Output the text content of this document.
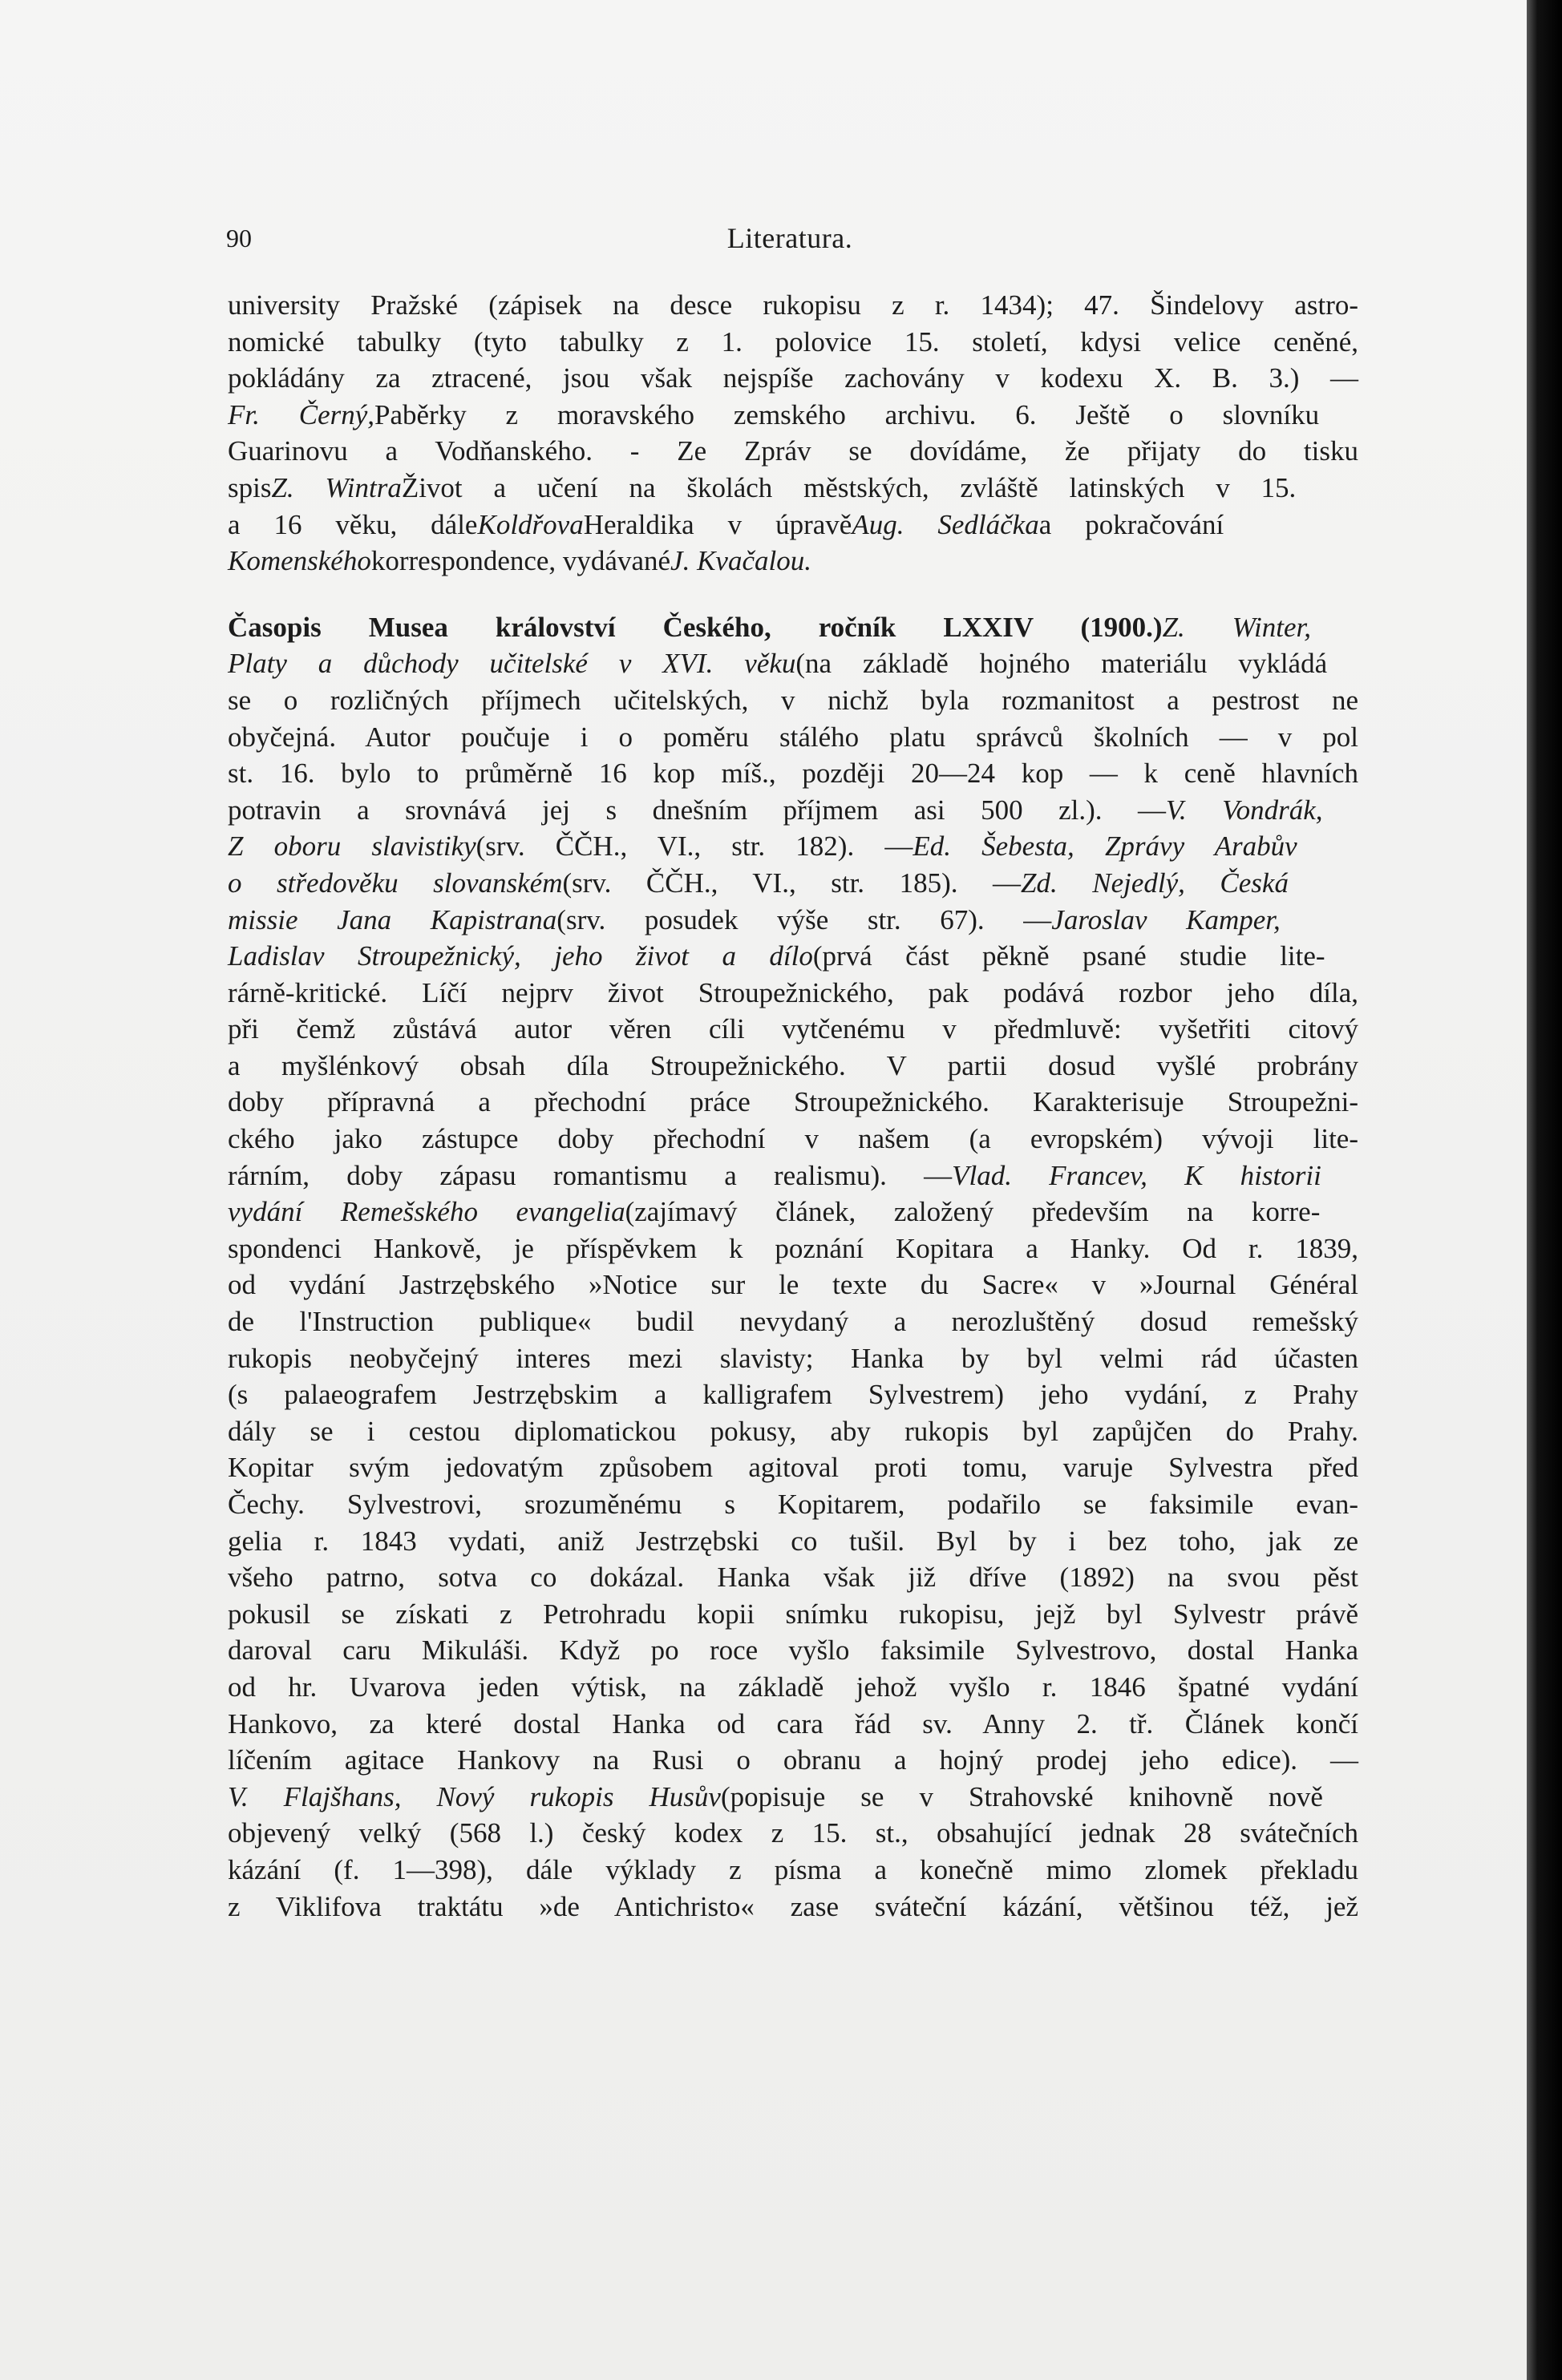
90	Literatura.
university Pražské (zápisek na desce rukopisu z r. 1434); 47. Šindelovy astro-
nomické tabulky (tyto tabulky z 1. polovice 15. století, kdysi velice ceněné,
pokládány za ztracené, jsou však nejspíše zachovány v kodexu X. B. 3.) —
Fr. Černý, Paběrky z moravského zemského archivu. 6. Ještě o slovníku
Guarinovu a Vodňanského. - Ze Zpráv se dovídáme, že přijaty do tisku
spis Z. Wintra Život a učení na školách městských, zvláště latinských v 15.
a 16 věku, dále Koldřova Heraldika v úpravě Aug. Sedláčka a pokračování
Komenského korrespondence, vydávané J. Kvačalou.
Časopis Musea království Českého, ročník LXXIV (1900.) Z. Winter,
Platy a důchody učitelské v XVI. věku (na základě hojného materiálu vykládá
se o rozličných příjmech učitelských, v nichž byla rozmanitost a pestrost ne
obyčejná. Autor poučuje i o poměru stálého platu správců školních — v pol
st. 16. bylo to průměrně 16 kop míš., později 20—24 kop — k ceně hlavních
potravin a srovnává jej s dnešním příjmem asi 500 zl.). — V. Vondrák,
Z oboru slavistiky (srv. ČČH., VI., str. 182). — Ed. Šebesta, Zprávy Arabův
o středověku slovanském (srv. ČČH., VI., str. 185). — Zd. Nejedlý, Česká
missie Jana Kapistrana (srv. posudek výše str. 67). — Jaroslav Kamper,
Ladislav Stroupežnický, jeho život a dílo (prvá část pěkně psané studie lite-
rárně-kritické. Líčí nejprv život Stroupežnického, pak podává rozbor jeho díla,
při čemž zůstává autor věren cíli vytčenému v předmluvě: vyšetřiti citový
a myšlénkový obsah díla Stroupežnického. V partii dosud vyšlé probrány
doby přípravná a přechodní práce Stroupežnického. Karakterisuje Stroupežni-
ckého jako zástupce doby přechodní v našem (a evropském) vývoji lite-
rárním, doby zápasu romantismu a realismu). — Vlad. Francev, K historii
vydání Remešského evangelia (zajímavý článek, založený především na korre-
spondenci Hankově, je příspěvkem k poznání Kopitara a Hanky. Od r. 1839,
od vydání Jastrzębského »Notice sur le texte du Sacre« v »Journal Général
de l'Instruction publique« budil nevydaný a nerozluštěný dosud remešský
rukopis neobyčejný interes mezi slavisty; Hanka by byl velmi rád účasten
(s palaeografem Jestrzębskim a kalligrafem Sylvestrem) jeho vydání, z Prahy
dály se i cestou diplomatickou pokusy, aby rukopis byl zapůjčen do Prahy.
Kopitar svým jedovatým způsobem agitoval proti tomu, varuje Sylvestra před
Čechy. Sylvestrovi, srozuměnému s Kopitarem, podařilo se faksimile evan-
gelia r. 1843 vydati, aniž Jestrzębski co tušil. Byl by i bez toho, jak ze
všeho patrno, sotva co dokázal. Hanka však již dříve (1892) na svou pěst
pokusil se získati z Petrohradu kopii snímku rukopisu, jejž byl Sylvestr právě
daroval caru Mikuláši. Když po roce vyšlo faksimile Sylvestrovo, dostal Hanka
od hr. Uvarova jeden výtisk, na základě jehož vyšlo r. 1846 špatné vydání
Hankovo, za které dostal Hanka od cara řád sv. Anny 2. tř. Článek končí
líčením agitace Hankovy na Rusi o obranu a hojný prodej jeho edice). —
V. Flajšhans, Nový rukopis Husův (popisuje se v Strahovské knihovně nově
objevený velký (568 l.) český kodex z 15. st., obsahující jednak 28 svátečních
kázání (f. 1—398), dále výklady z písma a konečně mimo zlomek překladu
z Viklifova traktátu »de Antichristo« zase sváteční kázání, většinou též, jež
